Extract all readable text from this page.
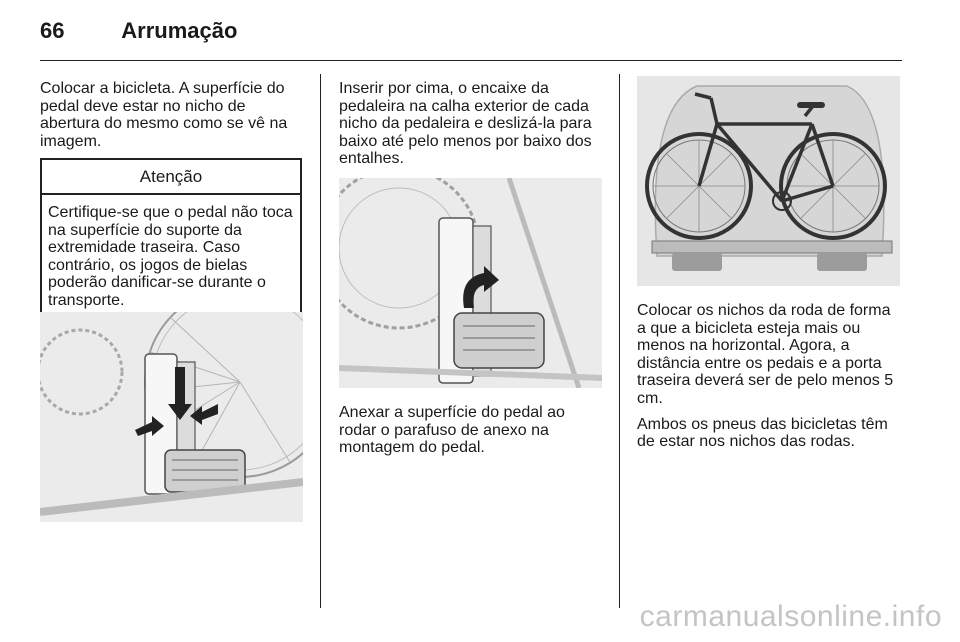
66	Arrumação

Colocar a bicicleta. A superfície do pedal deve estar no nicho de abertura do mesmo como se vê na imagem.

Atenção
Certifique-se que o pedal não toca na superfície do suporte da extremidade traseira. Caso contrário, os jogos de bielas poderão danificar-se durante o transporte.

Inserir por cima, o encaixe da pedaleira na calha exterior de cada nicho da pedaleira e deslizá-la para baixo até pelo menos por baixo dos entalhes.

Anexar a superfície do pedal ao rodar o parafuso de anexo na montagem do pedal.

Colocar os nichos da roda de forma a que a bicicleta esteja mais ou menos na horizontal. Agora, a distância entre os pedais e a porta traseira deverá ser de pelo menos 5 cm.

Ambos os pneus das bicicletas têm de estar nos nichos das rodas.

carmanualsonline.info
